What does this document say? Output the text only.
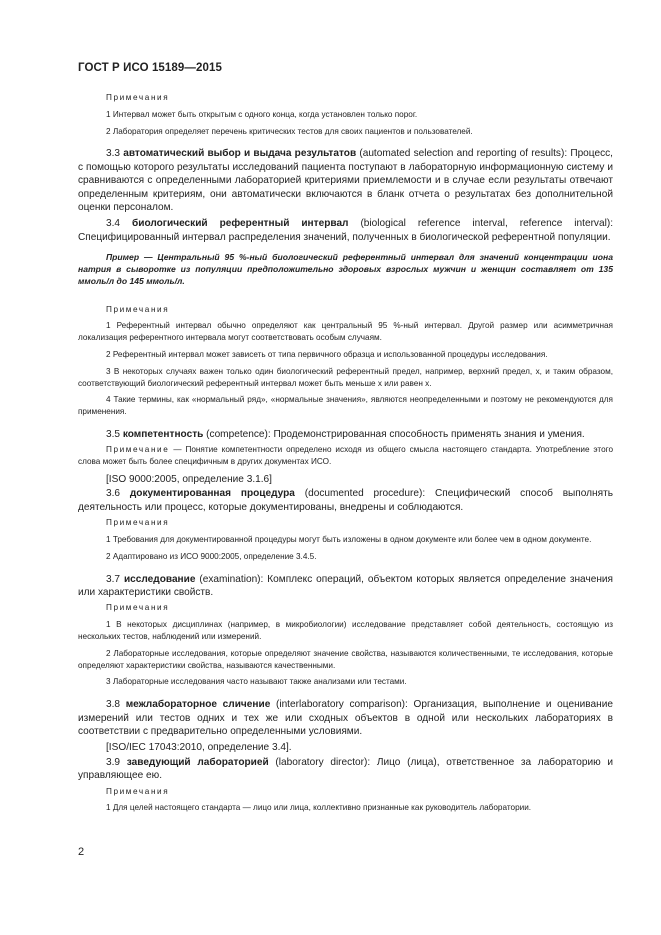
ГОСТ Р ИСО 15189—2015

Примечания

1 Интервал может быть открытым с одного конца, когда установлен только порог.

2 Лаборатория определяет перечень критических тестов для своих пациентов и пользователей.

3.3 автоматический выбор и выдача результатов (automated selection and reporting of results): Процесс, с помощью которого результаты исследований пациента поступают в лабораторную информационную систему и сравниваются с определенными лабораторией критериями приемлемости и в случае если результаты отвечают определенным критериям, они автоматически включаются в бланк отчета о результатах без дополнительной оценки персоналом.

3.4 биологический референтный интервал (biological reference interval, reference interval): Специфицированный интервал распределения значений, полученных в биологической референтной популяции.

Пример — Центральный 95 %-ный биологический референтный интервал для значений концентрации иона натрия в сыворотке из популяции предположительно здоровых взрослых мужчин и женщин составляет от 135 ммоль/л до 145 ммоль/л.

Примечания

1 Референтный интервал обычно определяют как центральный 95 %-ный интервал. Другой размер или асимметричная локализация референтного интервала могут соответствовать особым случаям.

2 Референтный интервал может зависеть от типа первичного образца и использованной процедуры исследования.

3 В некоторых случаях важен только один биологический референтный предел, например, верхний предел, x, и таким образом, соответствующий биологический референтный интервал может быть меньше x или равен x.

4 Такие термины, как «нормальный ряд», «нормальные значения», являются неопределенными и поэтому не рекомендуются для применения.

3.5 компетентность (competence): Продемонстрированная способность применять знания и умения.

Примечание — Понятие компетентности определено исходя из общего смысла настоящего стандарта. Употребление этого слова может быть более специфичным в других документах ИСО.

[ISO 9000:2005, определение 3.1.6]

3.6 документированная процедура (documented procedure): Специфический способ выполнять деятельность или процесс, которые документированы, внедрены и соблюдаются.

Примечания

1 Требования для документированной процедуры могут быть изложены в одном документе или более чем в одном документе.

2 Адаптировано из ИСО 9000:2005, определение 3.4.5.

3.7 исследование (examination): Комплекс операций, объектом которых является определение значения или характеристики свойств.

Примечания

1 В некоторых дисциплинах (например, в микробиологии) исследование представляет собой деятельность, состоящую из нескольких тестов, наблюдений или измерений.

2 Лабораторные исследования, которые определяют значение свойства, называются количественными, те исследования, которые определяют характеристики свойства, называются качественными.

3 Лабораторные исследования часто называют также анализами или тестами.

3.8 межлабораторное сличение (interlaboratory comparison): Организация, выполнение и оценивание измерений или тестов одних и тех же или сходных объектов в одной или нескольких лабораториях в соответствии с предварительно определенными условиями.

[ISO/IEC 17043:2010, определение 3.4].

3.9 заведующий лабораторией (laboratory director): Лицо (лица), ответственное за лабораторию и управляющее ею.

Примечания

1 Для целей настоящего стандарта — лицо или лица, коллективно признанные как руководитель лаборатории.

2
